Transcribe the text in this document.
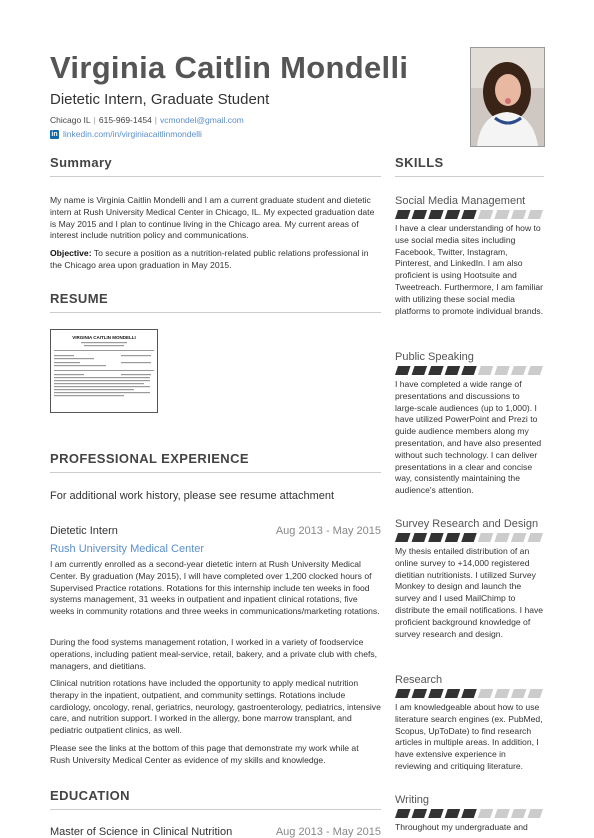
Virginia Caitlin Mondelli
Dietetic Intern, Graduate Student
Chicago IL | 615-969-1454 | vcmondel@gmail.com
in linkedin.com/in/virginiacaitlinmondelli
Summary
My name is Virginia Caitlin Mondelli and I am a current graduate student and dietetic intern at Rush University Medical Center in Chicago, IL. My expected graduation date is May 2015 and I plan to continue living in the Chicago area. My current areas of interest include nutrition policy and communications.
Objective: To secure a position as a nutrition-related public relations professional in the Chicago area upon graduation in May 2015.
RESUME
VIRGINIA CAITLIN MONDELLI
PROFESSIONAL EXPERIENCE
For additional work history, please see resume attachment
Dietetic Intern	Aug 2013 - May 2015
Rush University Medical Center
I am currently enrolled as a second-year dietetic intern at Rush University Medical Center. By graduation (May 2015), I will have completed over 1,200 clocked hours of Supervised Practice rotations. Rotations for this internship include ten weeks in food systems management, 31 weeks in outpatient and inpatient clinical rotations, five weeks in community rotations and three weeks in communications/marketing rotations.
During the food systems management rotation, I worked in a variety of foodservice operations, including patient meal-service, retail, bakery, and a private club with chefs, managers, and dietitians.
Clinical nutrition rotations have included the opportunity to apply medical nutrition therapy in the inpatient, outpatient, and community settings. Rotations include cardiology, oncology, renal, geriatrics, neurology, gastroenterology, pediatrics, intensive care, and nutrition support. I worked in the allergy, bone marrow transplant, and pediatric outpatient clinics, as well.
Please see the links at the bottom of this page that demonstrate my work while at Rush University Medical Center as evidence of my skills and knowledge.
EDUCATION
Master of Science in Clinical Nutrition	Aug 2013 - May 2015
SKILLS
Social Media Management
I have a clear understanding of how to use social media sites including Facebook, Twitter, Instagram, Pinterest, and LinkedIn. I am also proficient is using Hootsuite and Tweetreach. Furthermore, I am familiar with utilizing these social media platforms to promote individual brands.
Public Speaking
I have completed a wide range of presentations and discussions to large-scale audiences (up to 1,000). I have utilized PowerPoint and Prezi to guide audience members along my presentation, and have also presented without such technology. I can deliver presentations in a clear and concise way, consistently maintaining the audience's attention.
Survey Research and Design
My thesis entailed distribution of an online survey to +14,000 registered dietitian nutritionists. I utilized Survey Monkey to design and launch the survey and I used MailChimp to distribute the email notifications. I have proficient background knowledge of survey research and design.
Research
I am knowledgeable about how to use literature search engines (ex. PubMed, Scopus, UpToDate) to find research articles in multiple areas. In addition, I have extensive experience in reviewing and critiquing literature.
Writing
Throughout my undergraduate and
